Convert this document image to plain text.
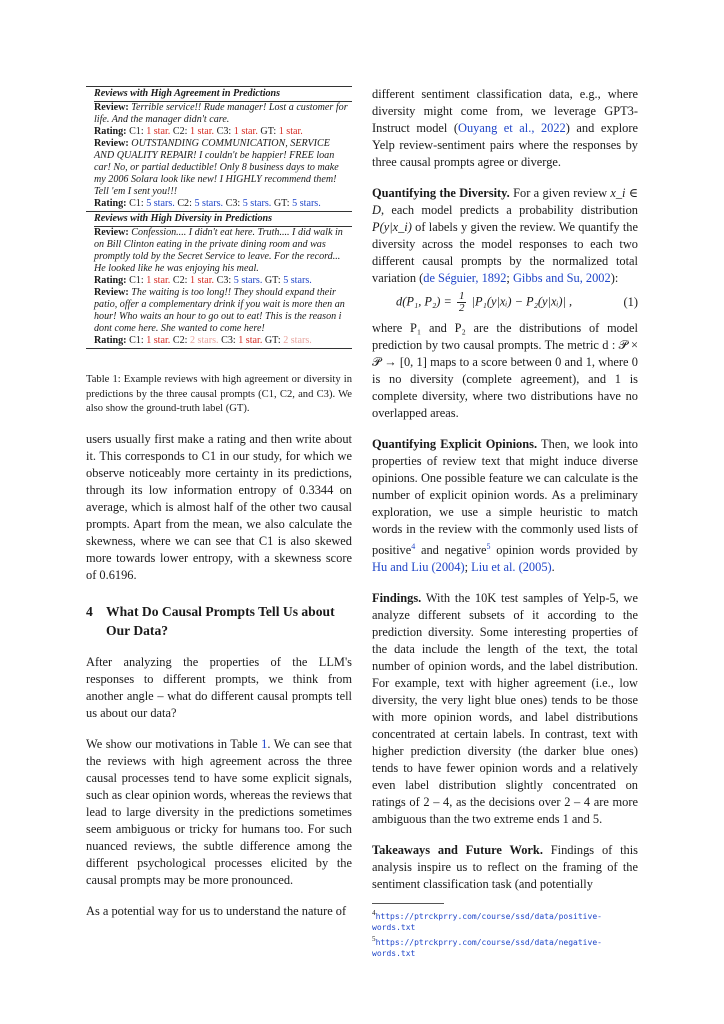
Reviews with High Agreement in Predictions
Review: Terrible service!! Rude manager! Lost a customer for life. And the manager didn't care.
Rating: C1: 1 star. C2: 1 star. C3: 1 star. GT: 1 star.
Review: OUTSTANDING COMMUNICATION, SERVICE AND QUALITY REPAIR! I couldn't be happier! FREE loan car! No, or partial deductible! Only 8 business days to make my 2006 Solara look like new! I HIGHLY recommend them! Tell 'em I sent you!!!
Rating: C1: 5 stars. C2: 5 stars. C3: 5 stars. GT: 5 stars.
Reviews with High Diversity in Predictions
Review: Confession.... I didn't eat here. Truth.... I did walk in on Bill Clinton eating in the private dining room and was promptly told by the Secret Service to leave. For the record... He looked like he was enjoying his meal.
Rating: C1: 1 star. C2: 1 star. C3: 5 stars. GT: 5 stars.
Review: The waiting is too long!! They should expand their patio, offer a complementary drink if you wait is more then an hour! Who waits an hour to go out to eat! This is the reason i dont come here. She wanted to come here!
Rating: C1: 1 star. C2: 2 stars. C3: 1 star. GT: 2 stars.
Table 1: Example reviews with high agreement or diversity in predictions by the three causal prompts (C1, C2, and C3). We also show the ground-truth label (GT).

users usually first make a rating and then write about it. This corresponds to C1 in our study, for which we observe noticeably more certainty in its predictions, through its low information entropy of 0.3344 on average, which is almost half of the other two causal prompts. Apart from the mean, we also calculate the skewness, where we can see that C1 is also skewed more towards lower entropy, with a skewness score of 0.6196.

4 What Do Causal Prompts Tell Us about Our Data?

After analyzing the properties of the LLM's responses to different prompts, we think from another angle – what do different causal prompts tell us about our data?

We show our motivations in Table 1. We can see that the reviews with high agreement across the three causal processes tend to have some explicit signals, such as clear opinion words, whereas the reviews that lead to large diversity in the predictions sometimes seem ambiguous or tricky for humans too. For such nuanced reviews, the subtle difference among the different psychological processes elicited by the causal prompts may be more pronounced.

As a potential way for us to understand the nature of

different sentiment classification data, e.g., where diversity might come from, we leverage GPT3-Instruct model (Ouyang et al., 2022) and explore Yelp review-sentiment pairs where the responses by three causal prompts agree or diverge.

Quantifying the Diversity. For a given review x_i ∈ D, each model predicts a probability distribution P(y|x_i) of labels y given the review. We quantify the diversity across the model responses to each two different causal prompts by the normalized total variation (de Séguier, 1892; Gibbs and Su, 2002):

d(P₁, $P_2) = \frac{1}{2}$ |P₁(y|xᵢ) − P₂(y|xᵢ)| ,	(1)

where P₁ and P₂ are the distributions of model prediction by two causal prompts. The metric d : 𝒫 × 𝒫 → [0, 1] maps to a score between 0 and 1, where 0 is no diversity (complete agreement), and 1 is complete diversity, where two distributions have no overlapped areas.

Quantifying Explicit Opinions. Then, we look into properties of review text that might induce diverse opinions. One possible feature we can calculate is the number of explicit opinion words. As a preliminary exploration, we use a simple heuristic to match words in the review with the commonly used lists of positive$^4$ and negative$^5$ opinion words provided by Hu and Liu (2004); Liu et al. (2005).

Findings. With the 10K test samples of Yelp-5, we analyze different subsets of it according to the prediction diversity. Some interesting properties of the data include the length of the text, the total number of opinion words, and the label distribution. For example, text with higher agreement (i.e., low diversity, the very light blue ones) tends to be those with more opinion words, and label distributions concentrated at certain labels. In contrast, text with higher prediction diversity (the darker blue ones) tends to have fewer opinion words and a relatively even label distribution slightly concentrated on ratings of 2 – 4, as the decisions over 2 – 4 are more ambiguous than the two extreme ends 1 and 5.

Takeaways and Future Work. Findings of this analysis inspire us to reflect on the framing of the sentiment classification task (and potentially

$^4$https://ptrckprry.com/course/ssd/data/positive-words.txt
$^5$https://ptrckprry.com/course/ssd/data/negative-words.txt
